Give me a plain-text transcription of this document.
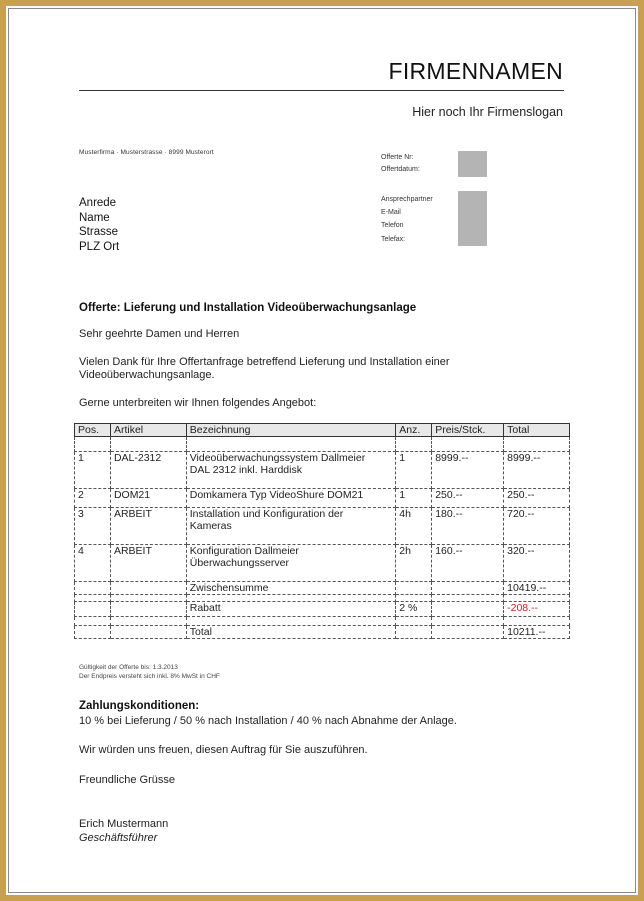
FIRMENNAMEN
Hier noch Ihr Firmenslogan
Musterfirma · Musterstrasse · 8999 Musterort
Offerte Nr:
Offertdatum:
Ansprechpartner
E-Mail
Telefon
Telefax:
Anrede
Name
Strasse
PLZ Ort
Offerte: Lieferung und Installation Videoüberwachungsanlage
Sehr geehrte Damen und Herren
Vielen Dank für Ihre Offertanfrage betreffend Lieferung und Installation einer
Videoüberwachungsanlage.
Gerne unterbreiten wir Ihnen folgendes Angebot:
Pos.	Artikel	Bezeichnung	Anz.	Preis/Stck.	Total

1	DAL-2312	Videoüberwachungssystem Dallmeier
DAL 2312 inkl. Harddisk	1	8999.--	8999.--
2	DOM21	Domkamera Typ VideoShure DOM21	1	250.--	250.--
3	ARBEIT	Installation und Konfiguration der
Kameras	4h	180.--	720.--
4	ARBEIT	Konfiguration Dallmeier
Überwachungsserver	2h	160.--	320.--
		Zwischensumme			10419.--

		Rabatt	2 %		-208.--

		Total			10211.--
Gültigkeit der Offerte bis: 1.3.2013
Der Endpreis versteht sich inkl. 8% MwSt in CHF
Zahlungskonditionen:
10 % bei Lieferung / 50 % nach Installation / 40 % nach Abnahme der Anlage.
Wir würden uns freuen, diesen Auftrag für Sie auszuführen.
Freundliche Grüsse
Erich Mustermann
Geschäftsführer
